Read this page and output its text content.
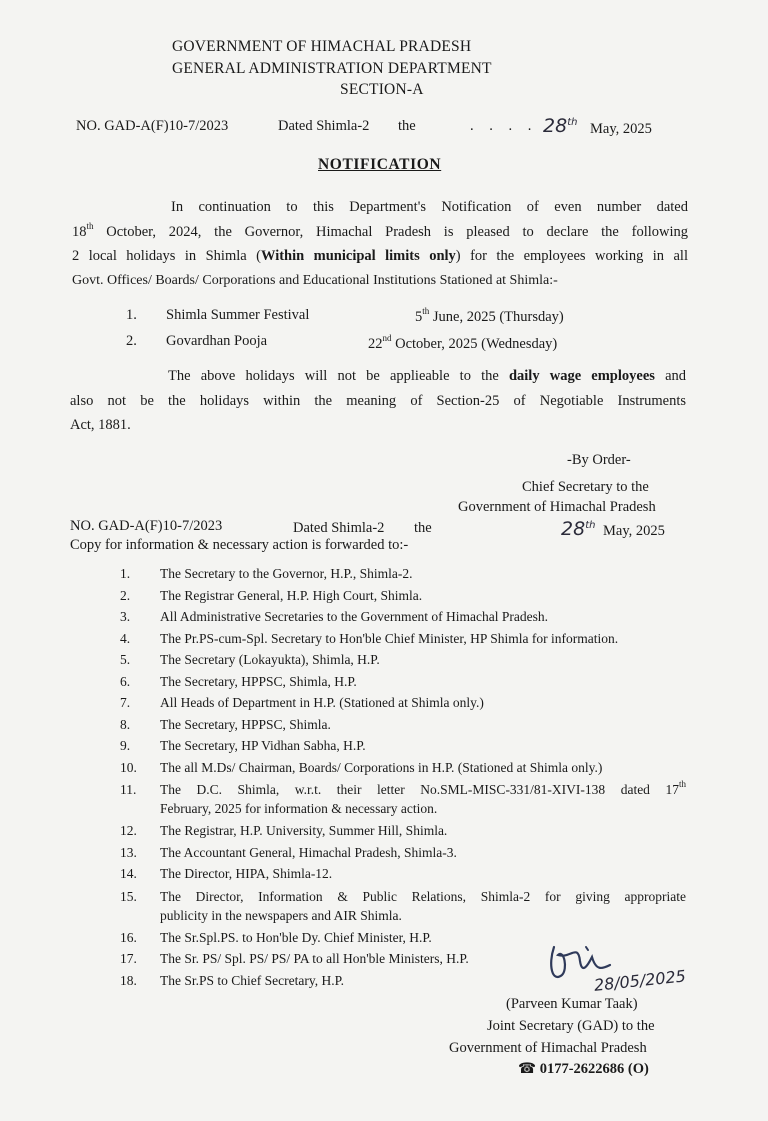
GOVERNMENT OF HIMACHAL PRADESH
GENERAL ADMINISTRATION DEPARTMENT
SECTION-A
NO. GAD-A(F)10-7/2023	Dated Shimla-2 the	. . . . 28th May, 2025
NOTIFICATION
In continuation to this Department's Notification of even number dated
18th October, 2024, the Governor, Himachal Pradesh is pleased to declare the following
2 local holidays in Shimla (Within municipal limits only) for the employees working in all
Govt. Offices/ Boards/ Corporations and Educational Institutions Stationed at Shimla:-
1. Shimla Summer Festival	5th June, 2025 (Thursday)
2. Govardhan Pooja	22nd October, 2025 (Wednesday)
The above holidays will not be applieable to the daily wage employees and
also not be the holidays within the meaning of Section-25 of Negotiable Instruments
Act, 1881.
-By Order-
Chief Secretary to the
Government of Himachal Pradesh
NO. GAD-A(F)10-7/2023	Dated Shimla-2 the	28th May, 2025
Copy for information & necessary action is forwarded to:-
1. The Secretary to the Governor, H.P., Shimla-2.
2. The Registrar General, H.P. High Court, Shimla.
3. All Administrative Secretaries to the Government of Himachal Pradesh.
4. The Pr.PS-cum-Spl. Secretary to Hon'ble Chief Minister, HP Shimla for information.
5. The Secretary (Lokayukta), Shimla, H.P.
6. The Secretary, HPPSC, Shimla, H.P.
7. All Heads of Department in H.P. (Stationed at Shimla only.)
8. The Secretary, HPPSC, Shimla.
9. The Secretary, HP Vidhan Sabha, H.P.
10. The all M.Ds/ Chairman, Boards/ Corporations in H.P. (Stationed at Shimla only.)
11. The D.C. Shimla, w.r.t. their letter No.SML-MISC-331/81-XIVI-138 dated 17th
February, 2025 for information & necessary action.
12. The Registrar, H.P. University, Summer Hill, Shimla.
13. The Accountant General, Himachal Pradesh, Shimla-3.
14. The Director, HIPA, Shimla-12.
15. The Director, Information & Public Relations, Shimla-2 for giving appropriate
publicity in the newspapers and AIR Shimla.
16. The Sr.Spl.PS. to Hon'ble Dy. Chief Minister, H.P.
17. The Sr. PS/ Spl. PS/ PS/ PA to all Hon'ble Ministers, H.P.
18. The Sr.PS to Chief Secretary, H.P.	28/05/2025
(Parveen Kumar Taak)
Joint Secretary (GAD) to the
Government of Himachal Pradesh
☎ 0177-2622686 (O)
